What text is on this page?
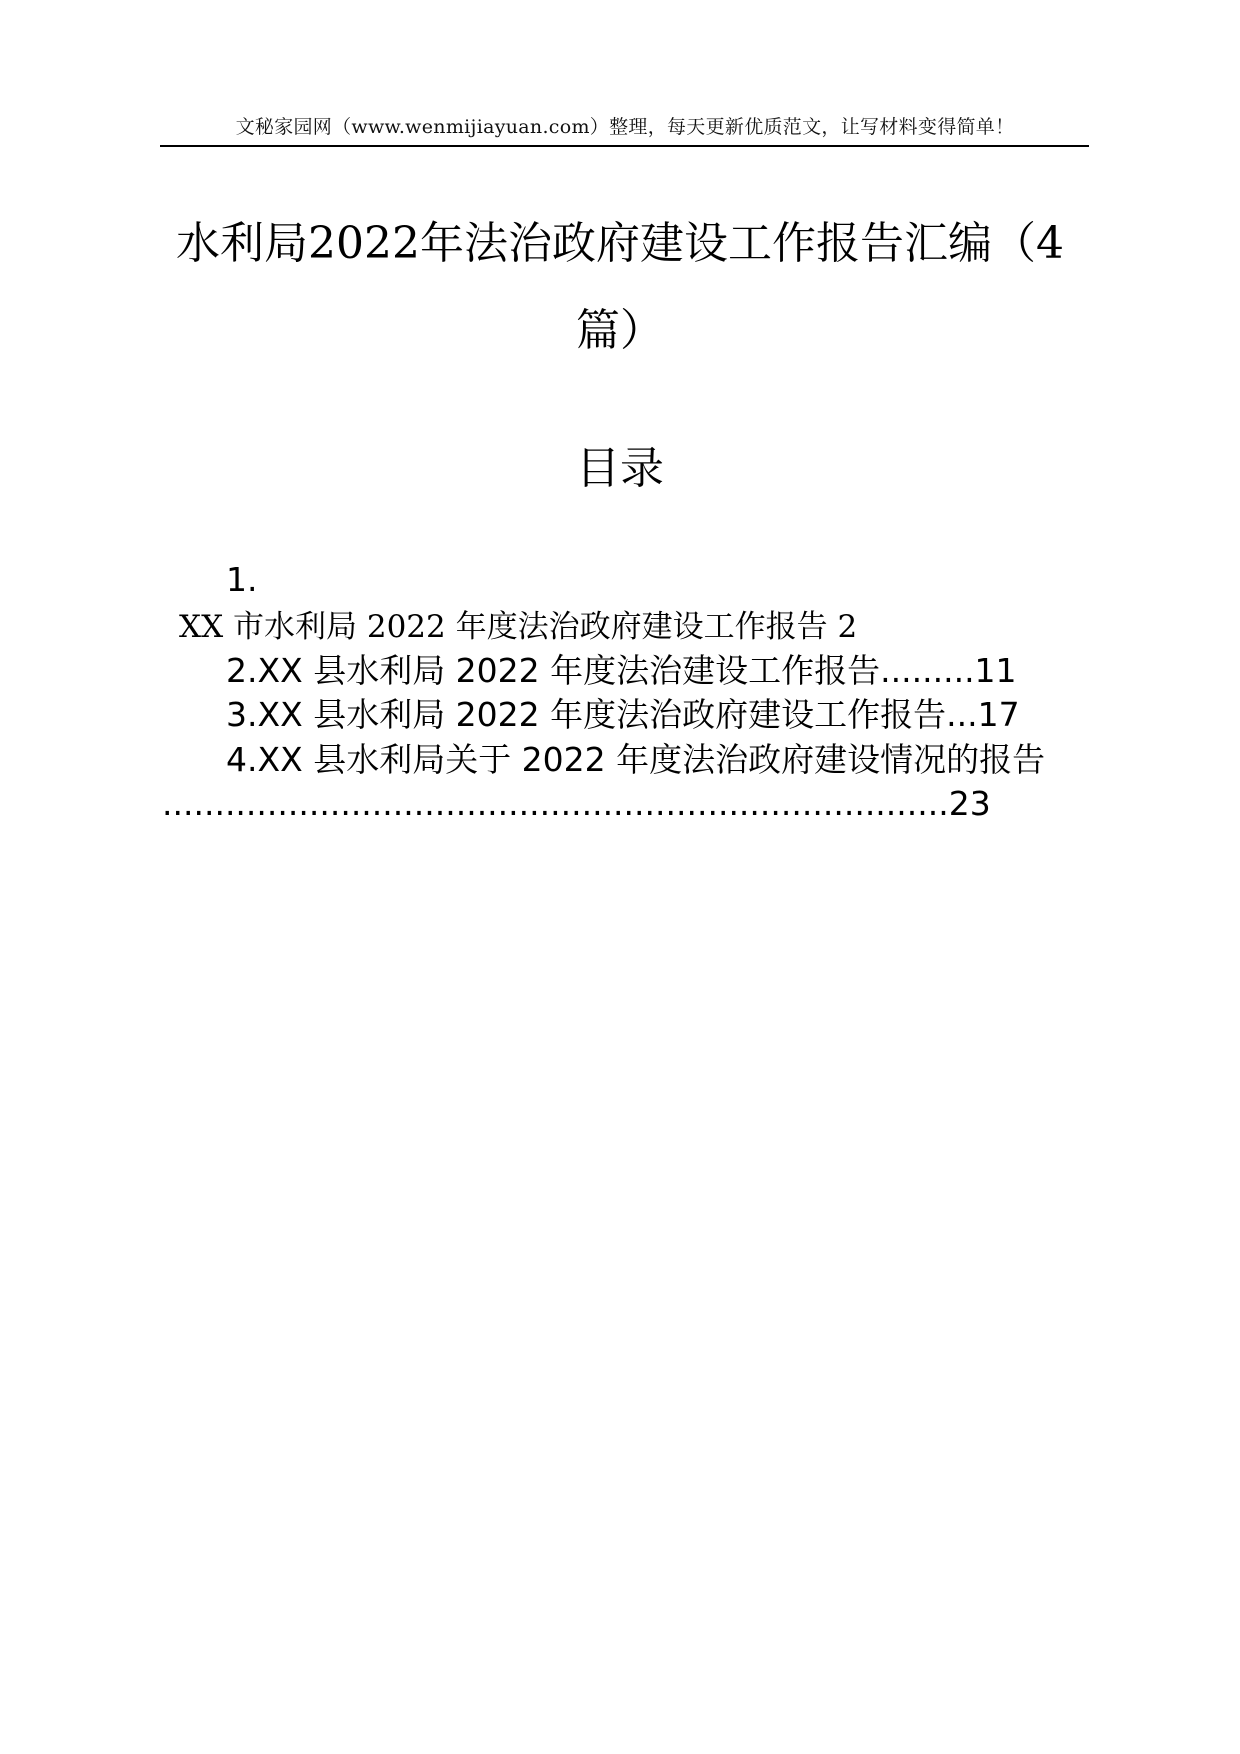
文秘家园网（www.wenmijiayuan.com）整理，每天更新优质范文，让写材料变得简单！
水利局2022年法治政府建设工作报告汇编（4
篇）
目录
1.
XX 市水利局 2022 年度法治政府建设工作报告 2
2.XX 县水利局 2022 年度法治建设工作报告.........11
3.XX 县水利局 2022 年度法治政府建设工作报告...17
4.XX 县水利局关于 2022 年度法治政府建设情况的报告
...........................................................................23
